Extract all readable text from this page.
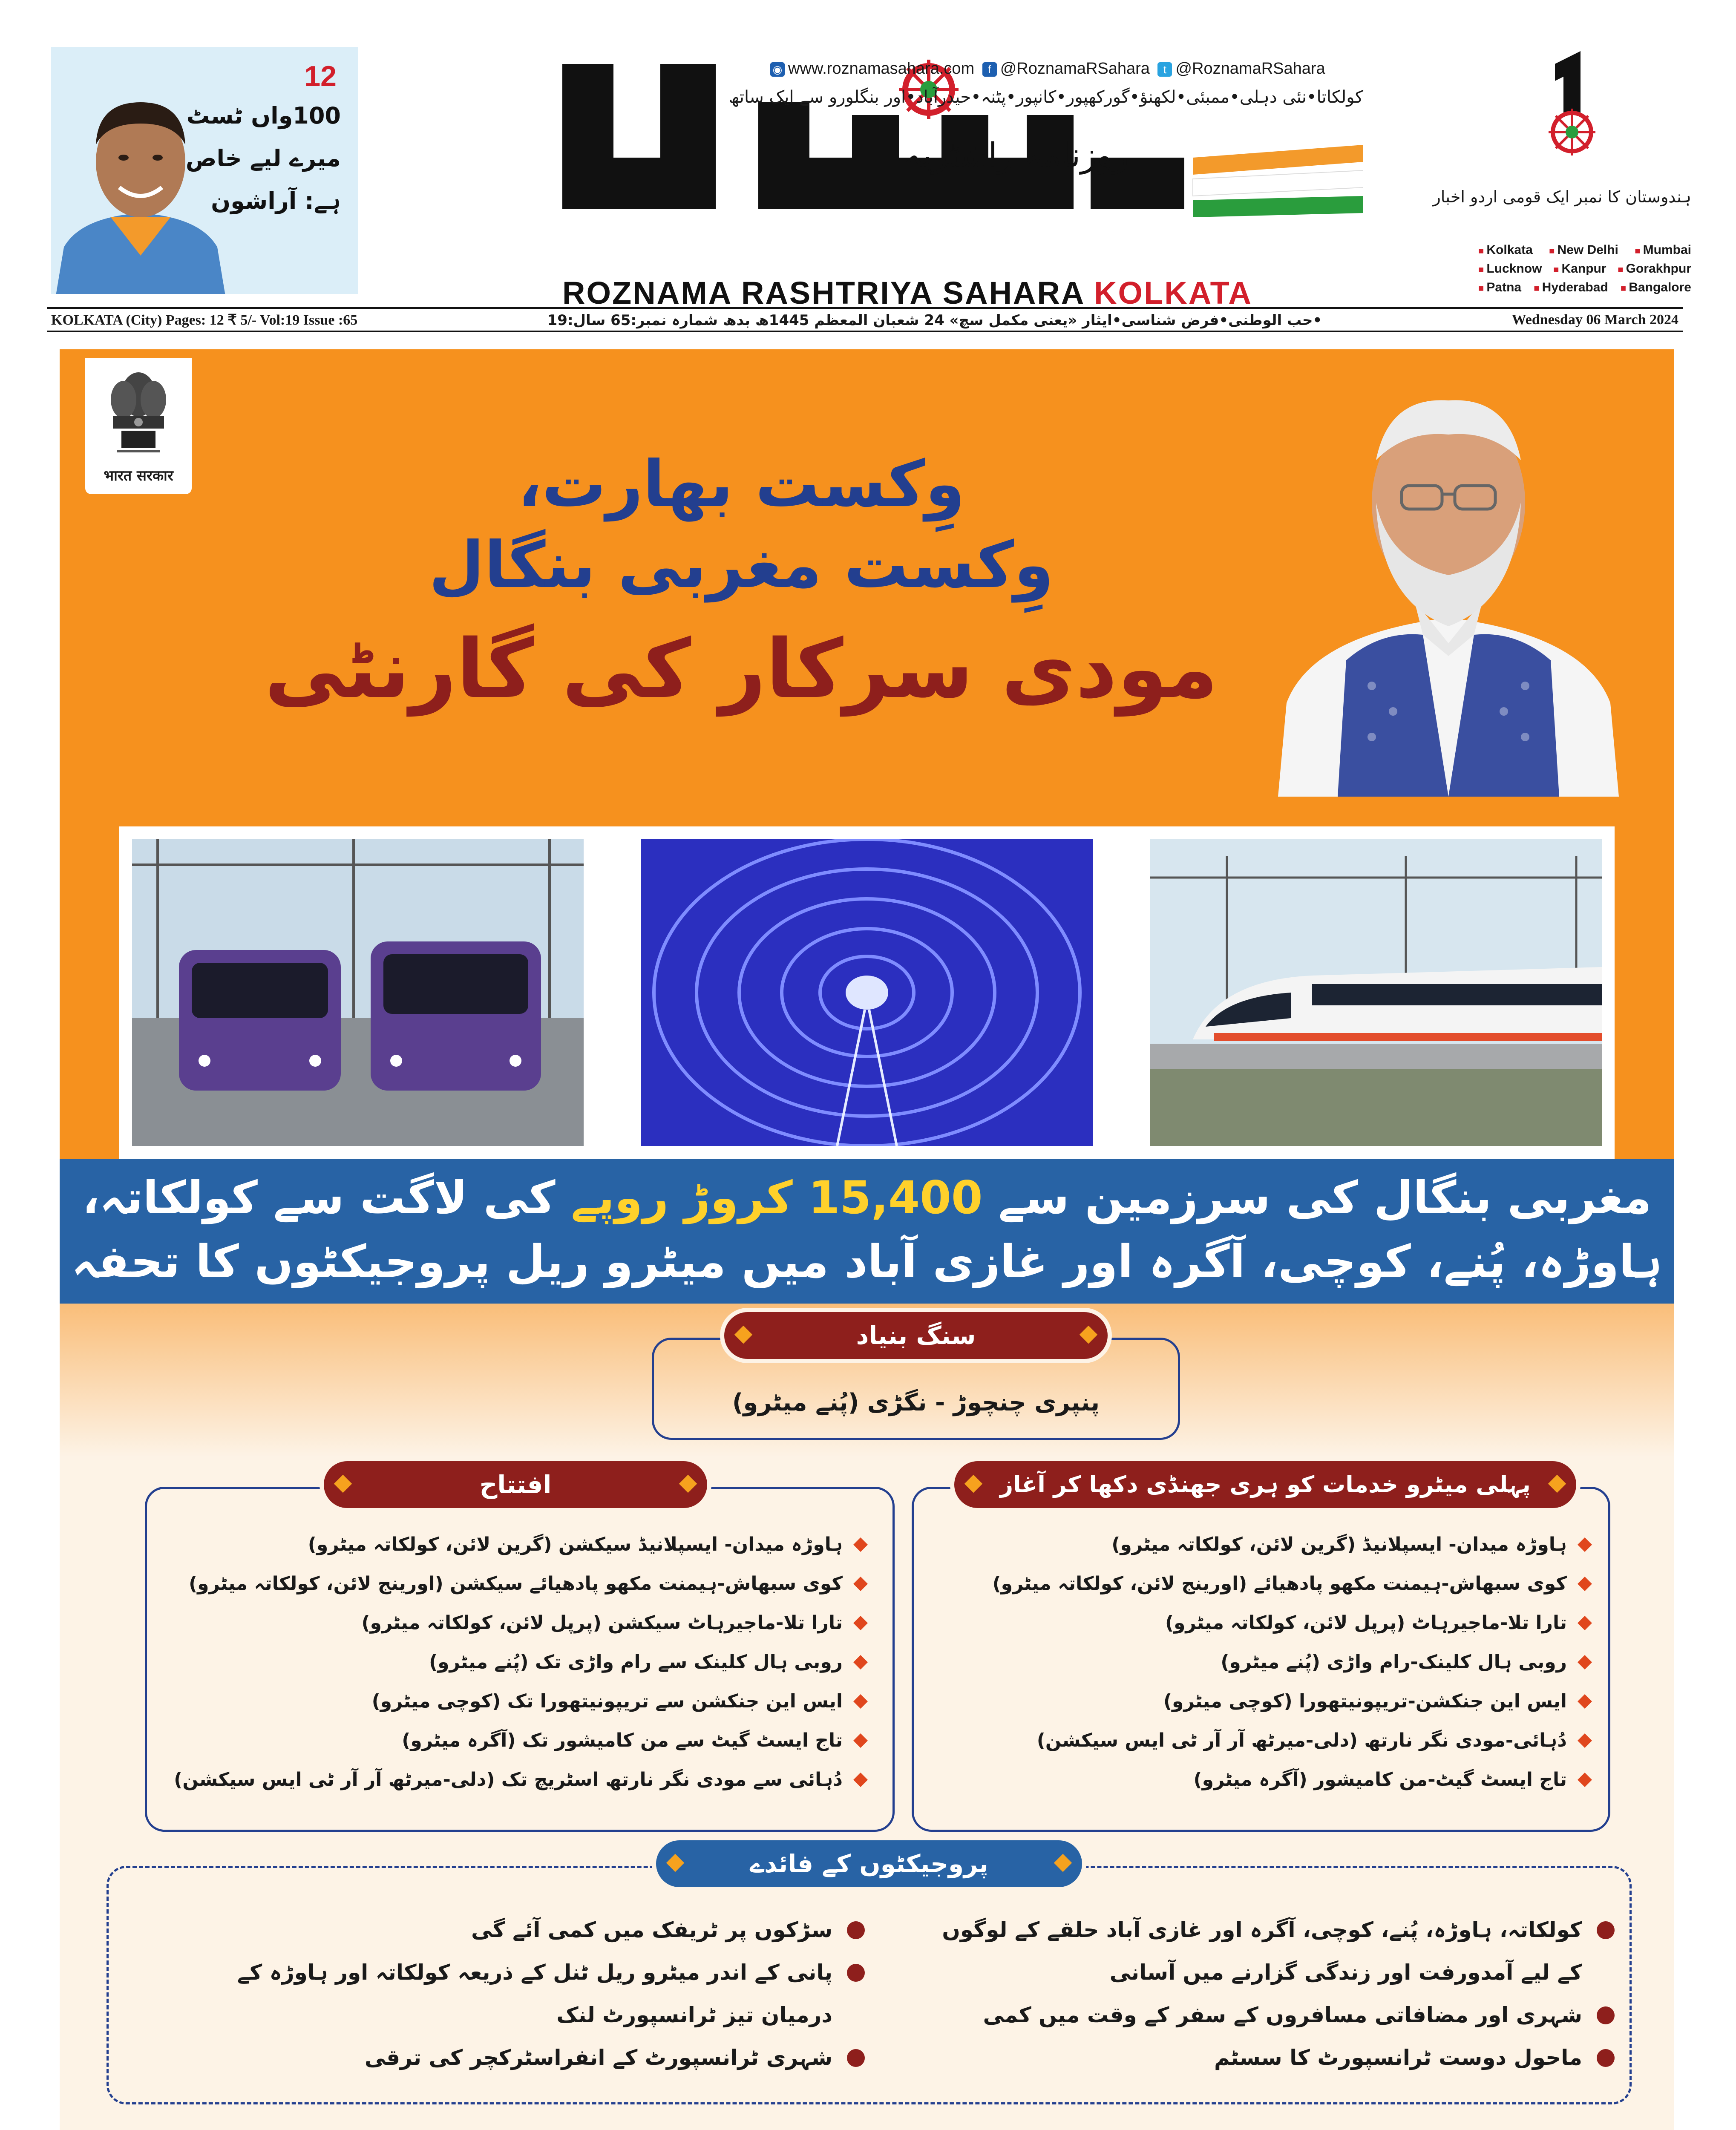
12
100واں ٹسٹ
میرے لیے خاص
ہے: آراشون
روزنامہ راشٹریہ
ROZNAMA RASHTRIYA SAHARA KOLKATA
◉ www.roznamasahara.com f @RoznamaRSahara t @RoznamaRSahara
کولکاتا•نئی دہلی•ممبئی•لکھنؤ•گورکھپور•کانپور•پٹنہ•حیدرآباد•اور بنگلورو سے ایک ساتھ
ہندوستان کا نمبر ایک قومی اردو اخبار
■ Kolkata	■ New Delhi	■ Mumbai
■ Lucknow	■ Kanpur	■ Gorakhpur
■ Patna	■ Hyderabad	■ Bangalore
KOLKATA (City) Pages: 12 ₹ 5/- Vol:19 Issue :65	•حب الوطنی•فرض شناسی•ایثار «یعنی مکمل سچ» 24 شعبان المعظم 1445ھ بدھ شمارہ نمبر:65 سال:19	Wednesday 06 March 2024
भारत सरकार	وِکست بھارت،
وِکست مغربی بنگال
مودی سرکار کی گارنٹی
مغربی بنگال کی سرزمین سے 15,400 کروڑ روپے کی لاگت سے کولکاتہ،
ہاوڑہ، پُنے، کوچی، آگرہ اور غازی آباد میں میٹرو ریل پروجیکٹوں کا تحفہ
سنگ بنیاد
پنپری چنچوڑ - نگڑی (پُنے میٹرو)
افتتاح	پہلی میٹرو خدمات کو ہری جھنڈی دکھا کر آغاز
ہاوڑہ میدان- ایسپلانیڈ سیکشن (گرین لائن، کولکاتہ میٹرو)
کوی سبھاش-ہیمنت مکھو پادھیائے سیکشن (اورینج لائن، کولکاتہ میٹرو)
تارا تلا-ماجیرہاٹ سیکشن (پرپل لائن، کولکاتہ میٹرو)
روبی ہال کلینک سے رام واڑی تک (پُنے میٹرو)
ایس این جنکشن سے تریپونیتھورا تک (کوچی میٹرو)
تاج ایسٹ گیٹ سے من کامیشور تک (آگرہ میٹرو)
دُہائی سے مودی نگر نارتھ اسٹریچ تک (دلی-میرٹھ آر آر ٹی ایس سیکشن)
ہاوڑہ میدان- ایسپلانیڈ (گرین لائن، کولکاتہ میٹرو)
کوی سبھاش-ہیمنت مکھو پادھیائے (اورینج لائن، کولکاتہ میٹرو)
تارا تلا-ماجیرہاٹ (پرپل لائن، کولکاتہ میٹرو)
روبی ہال کلینک-رام واڑی (پُنے میٹرو)
ایس این جنکشن-تریپونیتھورا (کوچی میٹرو)
دُہائی-مودی نگر نارتھ (دلی-میرٹھ آر آر ٹی ایس سیکشن)
تاج ایسٹ گیٹ-من کامیشور (آگرہ میٹرو)
پروجیکٹوں کے فائدے
کولکاتہ، ہاوڑہ، پُنے، کوچی، آگرہ اور غازی آباد حلقے کے لوگوں
کے لیے آمدورفت اور زندگی گزارنے میں آسانی
شہری اور مضافاتی مسافروں کے سفر کے وقت میں کمی
ماحول دوست ٹرانسپورٹ کا سسٹم
سڑکوں پر ٹریفک میں کمی آئے گی
پانی کے اندر میٹرو ریل ٹنل کے ذریعہ کولکاتہ اور ہاوڑہ کے
درمیان تیز ٹرانسپورٹ لنک
شہری ٹرانسپورٹ کے انفراسٹرکچر کی ترقی
